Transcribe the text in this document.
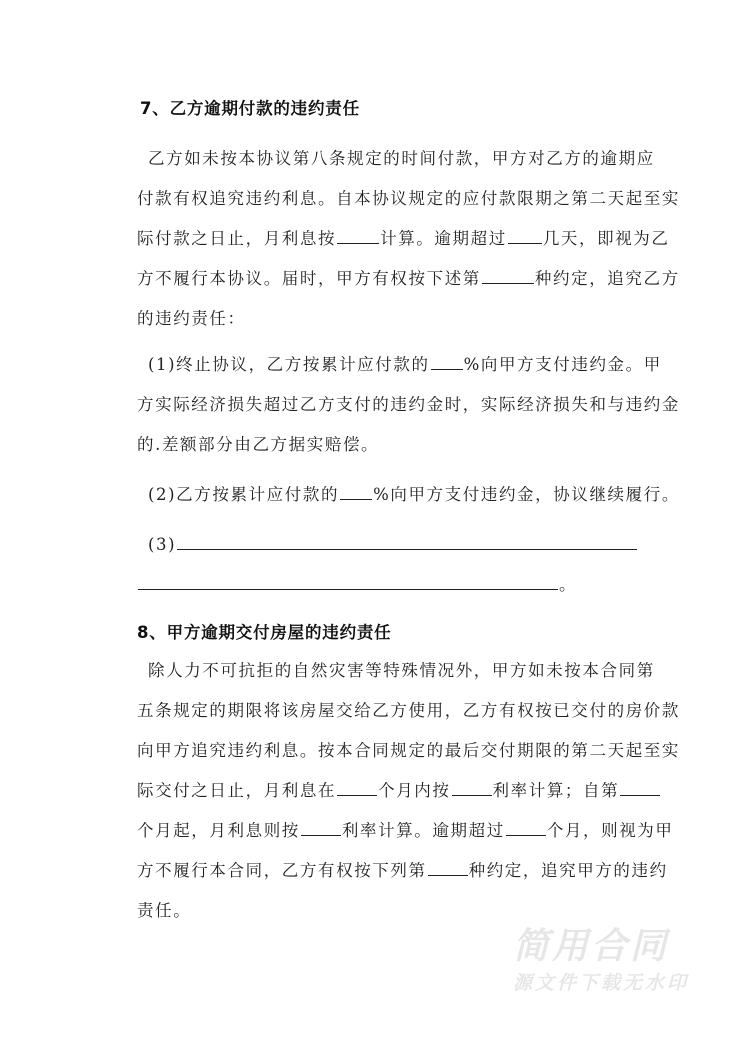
7、乙方逾期付款的违约责任
乙方如未按本协议第八条规定的时间付款，甲方对乙方的逾期应
付款有权追究违约利息。自本协议规定的应付款限期之第二天起至实
际付款之日止，月利息按	计算。逾期超过 几天，即视为乙
方不履行本协议。届时，甲方有权按下述第	种约定，追究乙方
的违约责任：
(1)终止协议，乙方按累计应付款的 %向甲方支付违约金。甲
方实际经济损失超过乙方支付的违约金时，实际经济损失和与违约金
的.差额部分由乙方据实赔偿。
(2)乙方按累计应付款的 %向甲方支付违约金，协议继续履行。
(3)
。
8、甲方逾期交付房屋的违约责任
除人力不可抗拒的自然灾害等特殊情况外，甲方如未按本合同第
五条规定的期限将该房屋交给乙方使用，乙方有权按已交付的房价款
向甲方追究违约利息。按本合同规定的最后交付期限的第二天起至实
际交付之日止，月利息在	个月内按	利率计算；自第
个月起，月利息则按	利率计算。逾期超过	个月，则视为甲
方不履行本合同，乙方有权按下列第	种约定，追究甲方的违约
责任。
简用合同
源文件下载无水印
